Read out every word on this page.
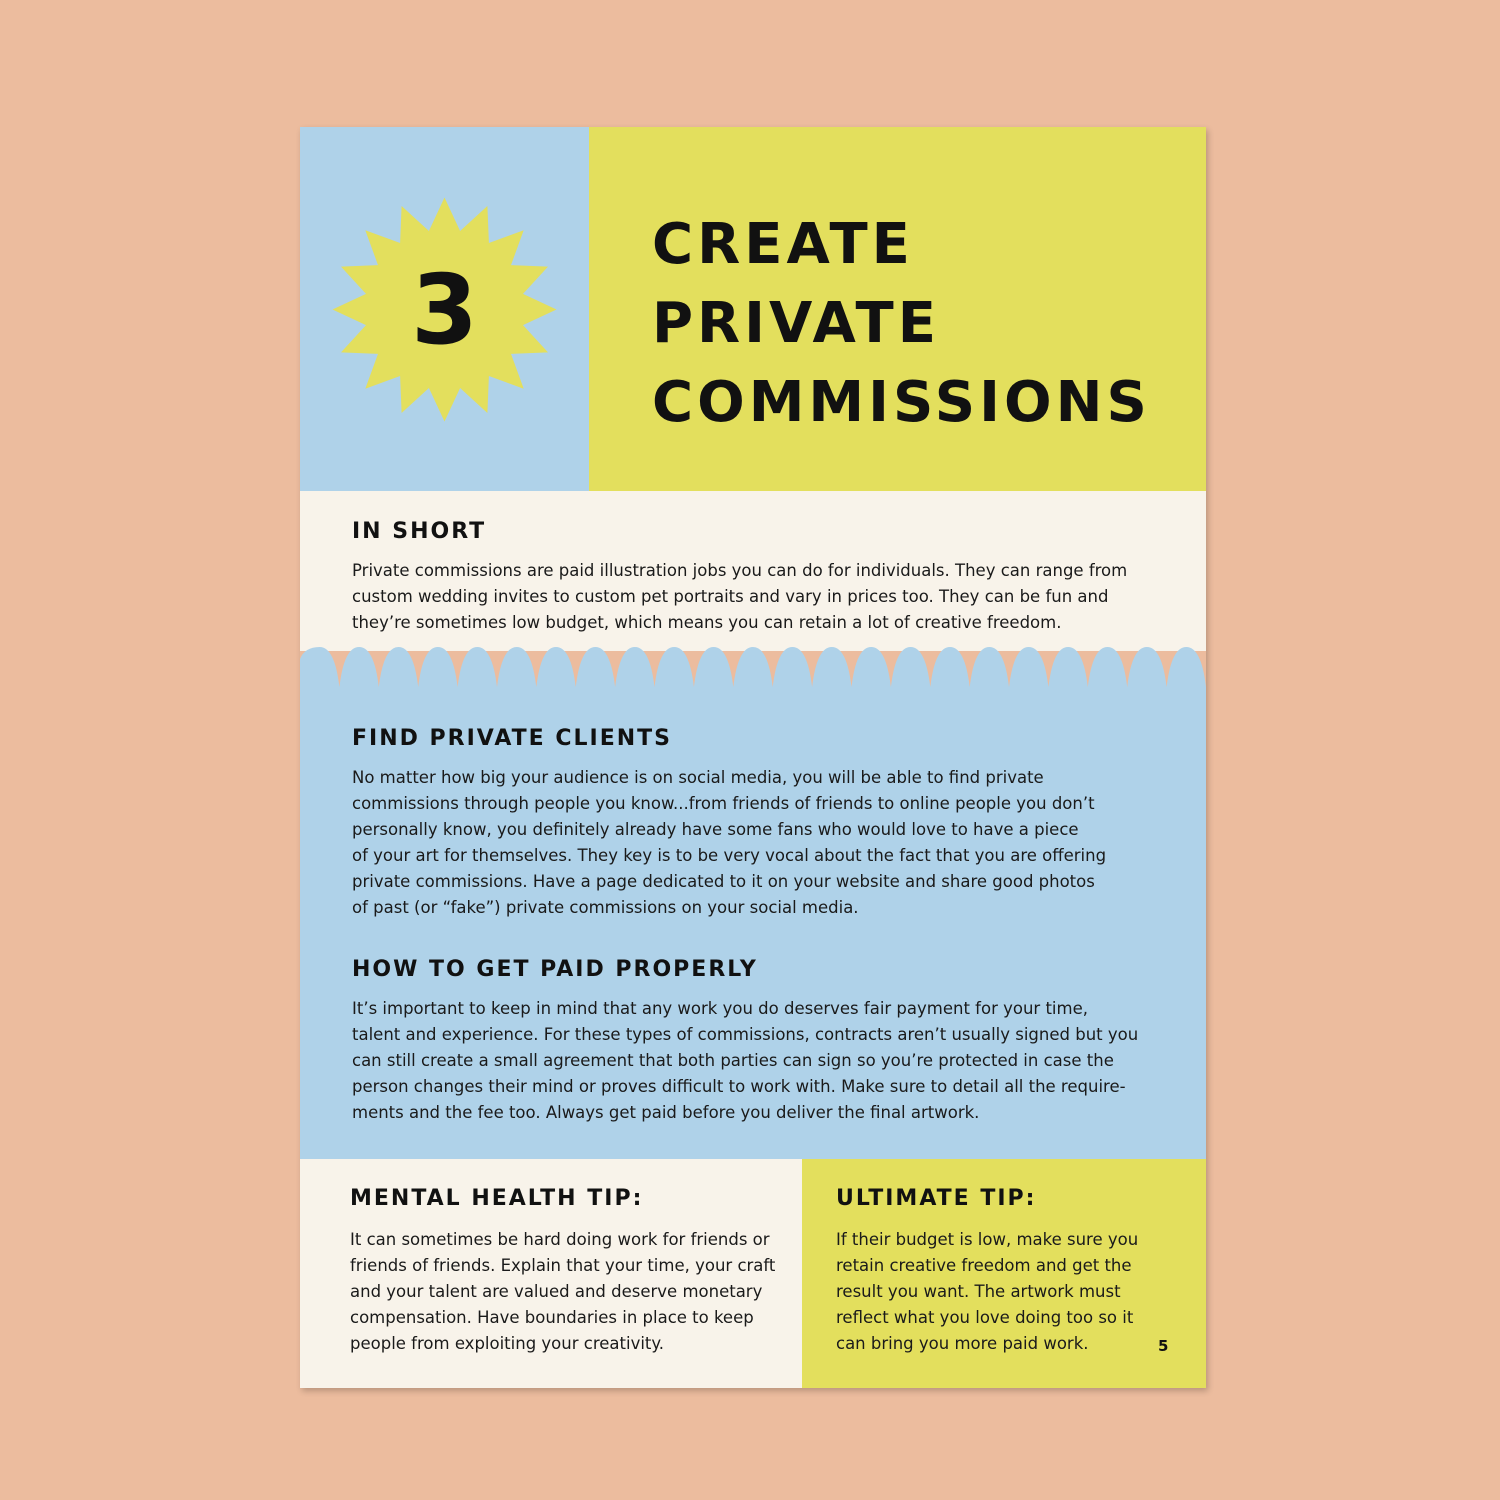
3

CREATE
PRIVATE
COMMISSIONS
IN SHORT

Private commissions are paid illustration jobs you can do for individuals. They can range from
custom wedding invites to custom pet portraits and vary in prices too. They can be fun and
they’re sometimes low budget, which means you can retain a lot of creative freedom.

FIND PRIVATE CLIENTS

No matter how big your audience is on social media, you will be able to find private
commissions through people you know...from friends of friends to online people you don’t
personally know, you definitely already have some fans who would love to have a piece
of your art for themselves. They key is to be very vocal about the fact that you are offering
private commissions. Have a page dedicated to it on your website and share good photos
of past (or “fake”) private commissions on your social media.

HOW TO GET PAID PROPERLY

It’s important to keep in mind that any work you do deserves fair payment for your time,
talent and experience. For these types of commissions, contracts aren’t usually signed but you
can still create a small agreement that both parties can sign so you’re protected in case the
person changes their mind or proves difficult to work with. Make sure to detail all the require-
ments and the fee too. Always get paid before you deliver the final artwork.

MENTAL HEALTH TIP:

It can sometimes be hard doing work for friends or
friends of friends. Explain that your time, your craft
and your talent are valued and deserve monetary
compensation. Have boundaries in place to keep
people from exploiting your creativity.

ULTIMATE TIP:

If their budget is low, make sure you
retain creative freedom and get the
result you want. The artwork must
reflect what you love doing too so it
can bring you more paid work.	5
